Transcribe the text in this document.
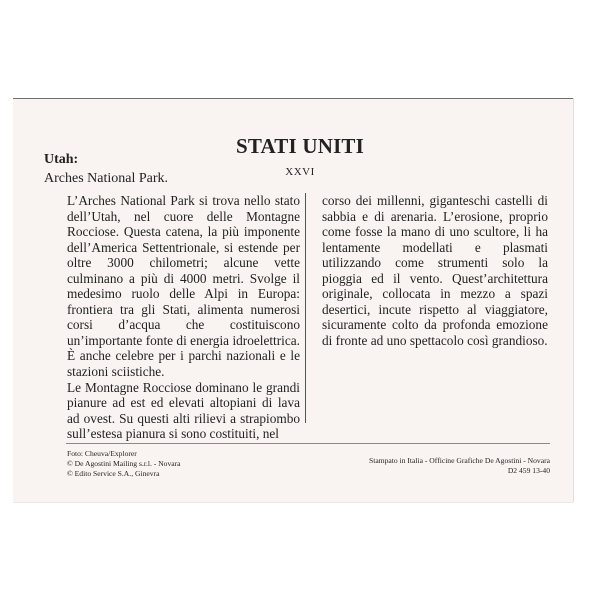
Utah:
Arches National Park.
STATI UNITI
XXVI

L’Arches National Park si trova nello stato dell’Utah, nel cuore delle Montagne Rocciose. Questa catena, la più imponente dell’America Settentrionale, si estende per oltre 3000 chilometri; alcune vette culminano a più di 4000 metri. Svolge il medesimo ruolo delle Alpi in Europa: frontiera tra gli Stati, alimenta numerosi corsi d’acqua che costituiscono un’importante fonte di energia idroelettrica. È anche celebre per i parchi nazionali e le stazioni sciistiche.

Le Montagne Rocciose dominano le grandi pianure ad est ed elevati altopiani di lava ad ovest. Su questi alti rilievi a strapiombo sull’estesa pianura si sono costituiti, nel

corso dei millenni, giganteschi castelli di sabbia e di arenaria. L’erosione, proprio come fosse la mano di uno scultore, li ha lentamente modellati e plasmati utilizzando come strumenti solo la pioggia ed il vento. Quest’architettura originale, collocata in mezzo a spazi desertici, incute rispetto al viaggiatore, sicuramente colto da profonda emozione di fronte ad uno spettacolo così grandioso.

Foto: Cheuva/Explorer
© De Agostini Mailing s.r.l. - Novara
© Edito Service S.A., Ginevra
Stampato in Italia - Officine Grafiche De Agostini - Novara
D2 459 13-40
